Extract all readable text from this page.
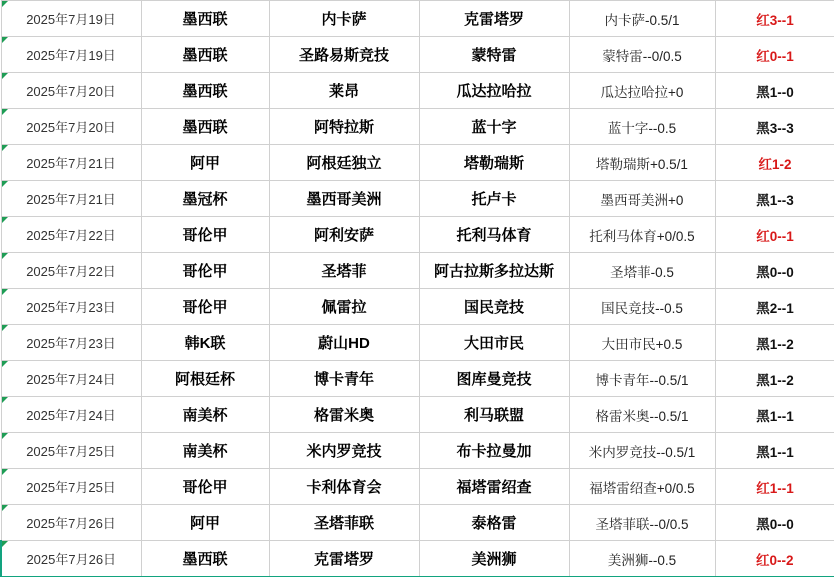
2025年7月19日	墨西联	内卡萨	克雷塔罗	内卡萨-0.5/1	红3--1
2025年7月19日	墨西联	圣路易斯竞技	蒙特雷	蒙特雷--0/0.5	红0--1
2025年7月20日	墨西联	莱昂	瓜达拉哈拉	瓜达拉哈拉+0	黑1--0
2025年7月20日	墨西联	阿特拉斯	蓝十字	蓝十字--0.5	黑3--3
2025年7月21日	阿甲	阿根廷独立	塔勒瑞斯	塔勒瑞斯+0.5/1	红1-2
2025年7月21日	墨冠杯	墨西哥美洲	托卢卡	墨西哥美洲+0	黑1--3
2025年7月22日	哥伦甲	阿利安萨	托利马体育	托利马体育+0/0.5	红0--1
2025年7月22日	哥伦甲	圣塔菲	阿古拉斯多拉达斯	圣塔菲-0.5	黑0--0
2025年7月23日	哥伦甲	佩雷拉	国民竞技	国民竞技--0.5	黑2--1
2025年7月23日	韩K联	蔚山HD	大田市民	大田市民+0.5	黑1--2
2025年7月24日	阿根廷杯	博卡青年	图库曼竞技	博卡青年--0.5/1	黑1--2
2025年7月24日	南美杯	格雷米奥	利马联盟	格雷米奥--0.5/1	黑1--1
2025年7月25日	南美杯	米内罗竞技	布卡拉曼加	米内罗竞技--0.5/1	黑1--1
2025年7月25日	哥伦甲	卡利体育会	福塔雷绍查	福塔雷绍查+0/0.5	红1--1
2025年7月26日	阿甲	圣塔菲联	泰格雷	圣塔菲联--0/0.5	黑0--0
2025年7月26日	墨西联	克雷塔罗	美洲狮	美洲狮--0.5	红0--2
